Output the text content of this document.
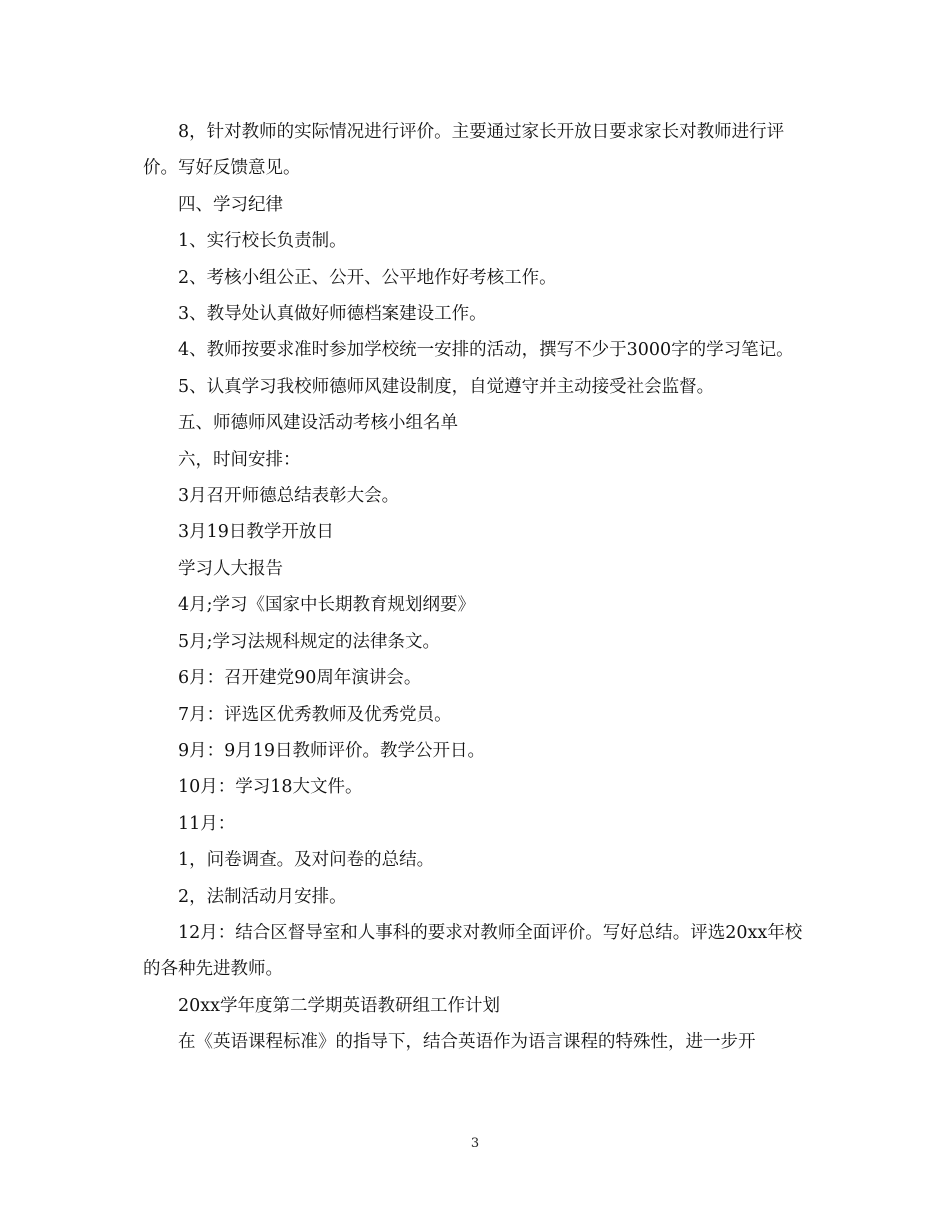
8，针对教师的实际情况进行评价。主要通过家长开放日要求家长对教师进行评价。写好反馈意见。

四、学习纪律

1、实行校长负责制。

2、考核小组公正、公开、公平地作好考核工作。

3、教导处认真做好师德档案建设工作。

4、教师按要求准时参加学校统一安排的活动，撰写不少于3000字的学习笔记。

5、认真学习我校师德师风建设制度，自觉遵守并主动接受社会监督。

五、师德师风建设活动考核小组名单

六，时间安排：

3月召开师德总结表彰大会。

3月19日教学开放日

学习人大报告

4月;学习《国家中长期教育规划纲要》

5月;学习法规科规定的法律条文。

6月：召开建党90周年演讲会。

7月：评选区优秀教师及优秀党员。

9月：9月19日教师评价。教学公开日。

10月：学习18大文件。

11月：

1，问卷调查。及对问卷的总结。

2，法制活动月安排。

12月：结合区督导室和人事科的要求对教师全面评价。写好总结。评选20xx年校的各种先进教师。

20xx学年度第二学期英语教研组工作计划

在《英语课程标准》的指导下，结合英语作为语言课程的特殊性，进一步开

3
